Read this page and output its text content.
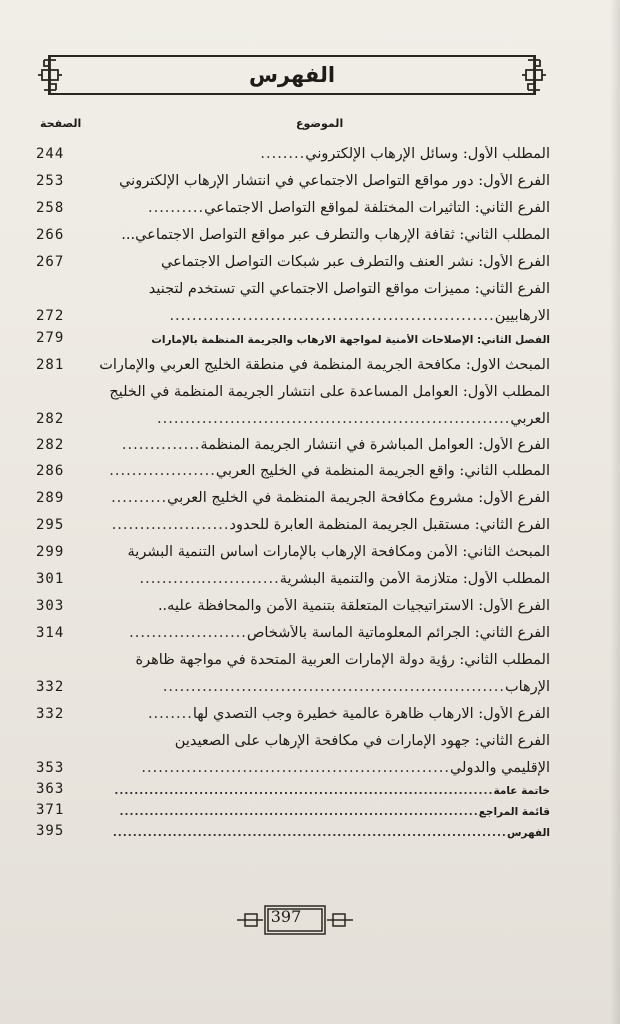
الفهرس
الموضوع
الصفحة
244	المطلب الأول: وسائل الإرهاب الإلكتروني........
253	الفرع الأول: دور مواقع التواصل الاجتماعي في انتشار الإرهاب الإلكتروني
258	الفرع الثاني: التأثيرات المختلفة لمواقع التواصل الاجتماعي..........
266	المطلب الثاني: ثقافة الإرهاب والتطرف عبر مواقع التواصل الاجتماعي...
267	الفرع الأول: نشر العنف والتطرف عبر شبكات التواصل الاجتماعي
الفرع الثاني: مميزات مواقع التواصل الاجتماعي التي تستخدم لتجنيد
272	الارهابيين..........................................................
279	الفصل الثاني: الإصلاحات الأمنية لمواجهة الارهاب والجريمة المنظمة بالإمارات
281	المبحث الاول: مكافحة الجريمة المنظمة في منطقة الخليج العربي والإمارات
المطلب الأول: العوامل المساعدة على انتشار الجريمة المنظمة في الخليج
282	العربي...............................................................
282	الفرع الأول: العوامل المباشرة في انتشار الجريمة المنظمة..............
286	المطلب الثاني: واقع الجريمة المنظمة في الخليج العربي...................
289	الفرع الأول: مشروع مكافحة الجريمة المنظمة في الخليج العربي..........
295	الفرع الثاني: مستقبل الجريمة المنظمة العابرة للحدود.....................
299	المبحث الثاني: الأمن ومكافحة الإرهاب بالإمارات أساس التنمية البشرية
301	المطلب الأول: متلازمة الأمن والتنمية البشرية.........................
303	الفرع الأول: الاستراتيجيات المتعلقة بتنمية الأمن والمحافظة عليه..
314	الفرع الثاني: الجرائم المعلوماتية الماسة بالأشخاص.....................
المطلب الثاني: رؤية دولة الإمارات العربية المتحدة في مواجهة ظاهرة
332	الإرهاب.............................................................
332	الفرع الأول: الارهاب ظاهرة عالمية خطيرة وجب التصدي لها........
الفرع الثاني: جهود الإمارات في مكافحة الإرهاب على الصعيدين
353	الإقليمي والدولي.......................................................
363	خاتمة عامة............................................................................
371	قائمة المراجع........................................................................
395	الفهرس...............................................................................
397
